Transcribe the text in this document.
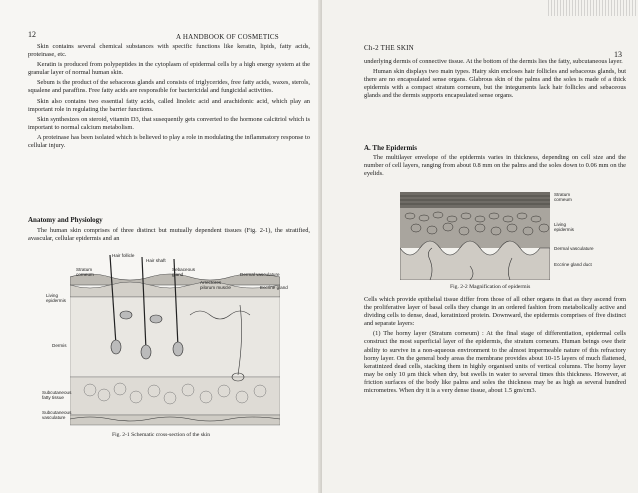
12	A HANDBOOK OF COSMETICS

Skin contains several chemical substances with specific functions like keratin, lipids, fatty acids, proteinase, etc.

Keratin is produced from polypeptides in the cytoplasm of epidermal cells by a high energy system at the granular layer of normal human skin.

Sebum is the product of the sebaceous glands and consists of triglycerides, free fatty acids, waxes, sterols, squalene and paraffins. Free fatty acids are responsible for bactericidal and fungicidal activities.

Skin also contains two essential fatty acids, called linoleic acid and arachidonic acid, which play an important role in regulating the barrier functions.

Skin synthesizes on steroid, vitamin D3, that susequently gets converted to the hormone calcitriol which is important to normal calcium metabolism.

A proteinase has been isolated which is believed to play a role in modulating the inflammatory response to cellular injury.

Anatomy and Physiology

The human skin comprises of three distinct but mutually dependent tissues (Fig. 2-1), the stratified, avascular, cellular epidermis and an

Hair follicle
Hair shaft
Sebaceous gland	Dermal vasculature
Stratum corneum
Arrectores pilorum muscle	Eccrine gland
Living epidermis
Dermis
Subcutaneous fatty tissue
Subcutaneous vasculature
Fig. 2-1 Schematic cross-section of the skin
Ch-2 THE SKIN
13

underlying dermis of connective tissue. At the bottom of the dermis lies the fatty, subcutaneous layer.

Human skin displays two main types. Hairy skin encloses hair follicles and sebaceous glands, but there are no encapsulated sense organs. Glabrous skin of the palms and the soles is made of a thick epidermis with a compact stratum corneum, but the integuments lack hair follicles and sebaceous glands and the dermis supports encapsulated sense organs.

A. The Epidermis

The multilayer envelope of the epidermis varies in thickness, depending on cell size and the number of cell layers, ranging from about 0.8 mm on the palms and the soles down to 0.06 mm on the eyelids.

Stratum corneum
Living epidermis
Dermal vasculature
Eccrine gland duct
Fig. 2-2 Magnification of epidermis

Cells which provide epithelial tissue differ from those of all other organs in that as they ascend from the proliferative layer of basal cells they change in an ordered fashion from metabolically active and dividing cells to dense, dead, keratinized protein. Downward, the epidermis comprises of five distinct and separate layers:

(1) The horny layer (Stratum corneum) : At the final stage of differentiation, epidermal cells construct the most superficial layer of the epidermis, the stratum corneum. Human beings owe their ability to survive in a non-aqueous environment to the almost impermeable nature of this refractory horny layer. On the general body areas the membrane provides about 10-15 layers of much flattened, keratinized dead cells, stacking them in highly organised units of vertical columns. The horny layer may be only 10 μm thick when dry, but swells in water to several times this thickness. However, at friction surfaces of the body like palms and soles the thickness may be as high as several hundred micrometres. When dry it is a very dense tissue, about 1.5 gm/cm3.
